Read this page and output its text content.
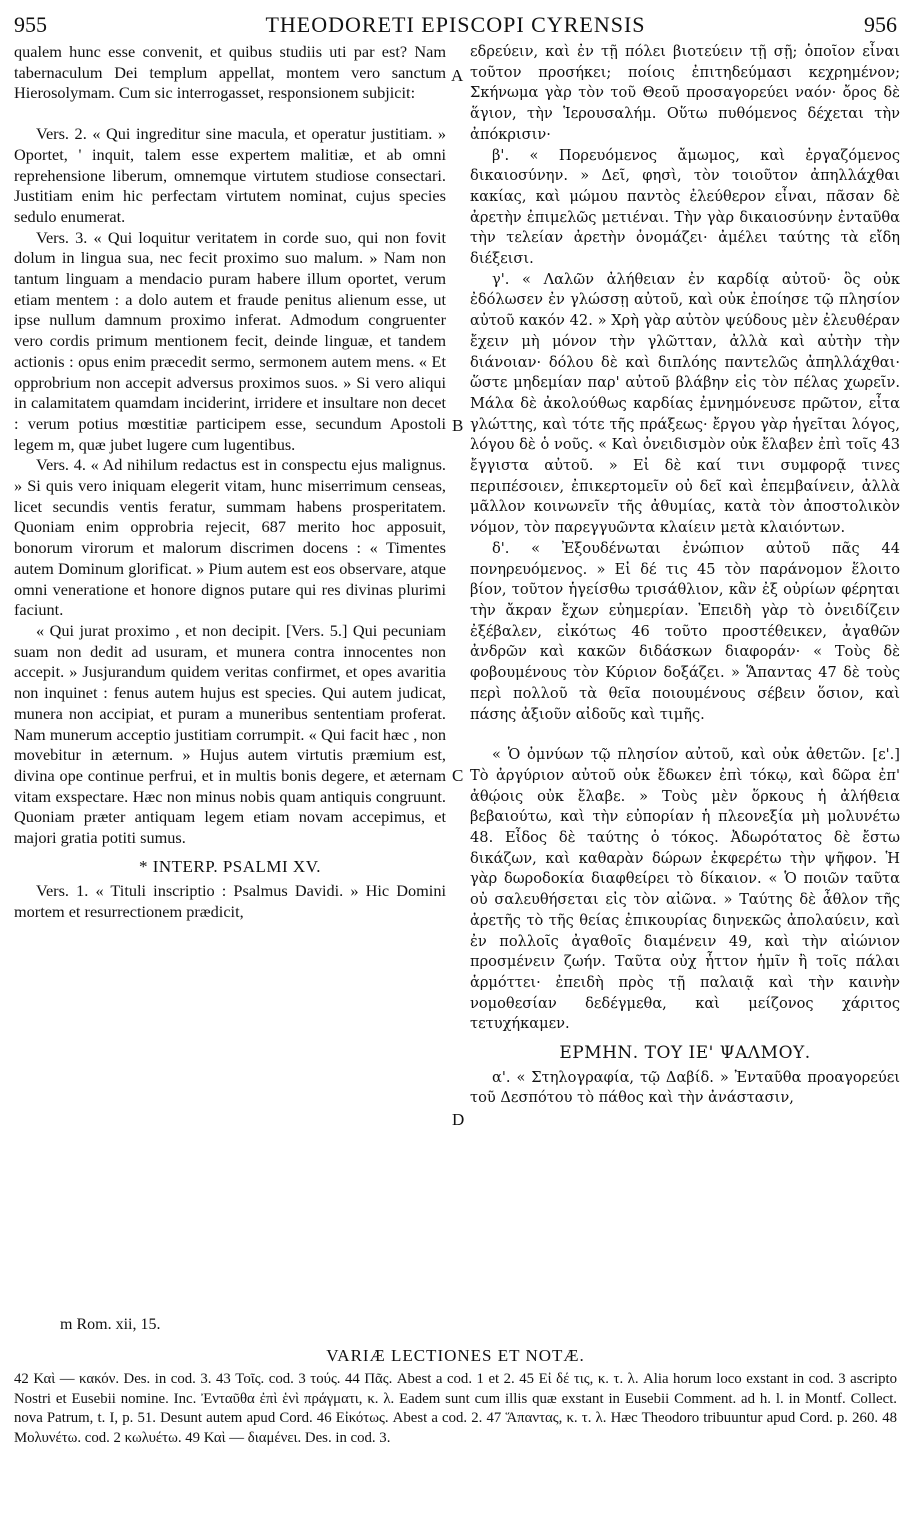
955	THEODORETI EPISCOPI CYRENSIS	956

qualem hunc esse convenit, et quibus studiis uti par est? Nam tabernaculum Dei templum appellat, montem vero sanctum Hierosolymam. Cum sic interrogasset, responsionem subjicit:

Vers. 2. « Qui ingreditur sine macula, et operatur justitiam. » Oportet, ' inquit, talem esse expertem malitiæ, et ab omni reprehensione liberum, omnemque virtutem studiose consectari. Justitiam enim hic perfectam virtutem nominat, cujus species sedulo enumerat.

Vers. 3. « Qui loquitur veritatem in corde suo, qui non fovit dolum in lingua sua, nec fecit proximo suo malum. » Nam non tantum linguam a mendacio puram habere illum oportet, verum etiam mentem : a dolo autem et fraude penitus alienum esse, ut ipse nullum damnum proximo inferat. Admodum congruenter vero cordis primum mentionem fecit, deinde linguæ, et tandem actionis : opus enim præcedit sermo, sermonem autem mens. « Et opprobrium non accepit adversus proximos suos. » Si vero aliqui in calamitatem quamdam inciderint, irridere et insultare non decet : verum potius mœstitiæ participem esse, secundum Apostoli legem m, quæ jubet lugere cum lugentibus.

Vers. 4. « Ad nihilum redactus est in conspectu ejus malignus. » Si quis vero iniquam elegerit vitam, hunc miserrimum censeas, licet secundis ventis feratur, summam habens prosperitatem. Quoniam enim opprobria rejecit, 687 merito hoc apposuit, bonorum virorum et malorum discrimen docens : « Timentes autem Dominum glorificat. » Pium autem est eos observare, atque omni veneratione et honore dignos putare qui res divinas plurimi faciunt.

« Qui jurat proximo , et non decipit. [Vers. 5.] Qui pecuniam suam non dedit ad usuram, et munera contra innocentes non accepit. » Jusjurandum quidem veritas confirmet, et opes avaritia non inquinet : fenus autem hujus est species. Qui autem judicat, munera non accipiat, et puram a muneribus sententiam proferat. Nam munerum acceptio justitiam corrumpit. « Qui facit hæc , non movebitur in æternum. » Hujus autem virtutis præmium est, divina ope continue perfrui, et in multis bonis degere, et æternam vitam exspectare. Hæc non minus nobis quam antiquis congruunt. Quoniam præter antiquam legem etiam novam accepimus, et majori gratia potiti sumus.

* INTERP. PSALMI XV.

Vers. 1. « Tituli inscriptio : Psalmus Davidi. » Hic Domini mortem et resurrectionem prædicit,

εδρεύειν, καὶ ἐν τῇ πόλει βιοτεύειν τῇ σῇ; ὁποῖον εἶναι τοῦτον προσήκει; ποίοις ἐπιτηδεύμασι κεχρημένον; Σκήνωμα γὰρ τὸν τοῦ Θεοῦ προσαγορεύει ναόν· ὄρος δὲ ἅγιον, τὴν Ἱερουσαλήμ. Οὕτω πυθόμενος δέχεται τὴν ἀπόκρισιν·

β'. « Πορευόμενος ἄμωμος, καὶ ἐργαζόμενος δικαιοσύνην. » Δεῖ, φησὶ, τὸν τοιοῦτον ἀπηλλάχθαι κακίας, καὶ μώμου παντὸς ἐλεύθερον εἶναι, πᾶσαν δὲ ἀρετὴν ἐπιμελῶς μετιέναι. Τὴν γὰρ δικαιοσύνην ἐνταῦθα τὴν τελείαν ἀρετὴν ὀνομάζει· ἀμέλει ταύτης τὰ εἴδη διέξεισι.

γ'. « Λαλῶν ἀλήθειαν ἐν καρδίᾳ αὐτοῦ· ὃς οὐκ ἐδόλωσεν ἐν γλώσσῃ αὐτοῦ, καὶ οὐκ ἐποίησε τῷ πλησίον αὐτοῦ κακόν 42. » Χρὴ γὰρ αὐτὸν ψεύδους μὲν ἐλευθέραν ἔχειν μὴ μόνον τὴν γλῶτταν, ἀλλὰ καὶ αὐτὴν τὴν διάνοιαν· δόλου δὲ καὶ διπλόης παντελῶς ἀπηλλάχθαι· ὥστε μηδεμίαν παρ' αὐτοῦ βλάβην εἰς τὸν πέλας χωρεῖν. Μάλα δὲ ἀκολούθως καρδίας ἐμνημόνευσε πρῶτον, εἶτα γλώττης, καὶ τότε τῆς πράξεως· ἔργου γὰρ ἡγεῖται λόγος, λόγου δὲ ὁ νοῦς. « Καὶ ὀνειδισμὸν οὐκ ἔλαβεν ἐπὶ τοῖς 43 ἔγγιστα αὐτοῦ. » Εἰ δὲ καί τινι συμφορᾷ τινες περιπέσοιεν, ἐπικερτομεῖν οὐ δεῖ καὶ ἐπεμβαίνειν, ἀλλὰ μᾶλλον κοινωνεῖν τῆς ἀθυμίας, κατὰ τὸν ἀποστολικὸν νόμον, τὸν παρεγγυῶντα κλαίειν μετὰ κλαιόντων.

δ'. « Ἐξουδένωται ἐνώπιον αὐτοῦ πᾶς 44 πονηρευόμενος. » Εἰ δέ τις 45 τὸν παράνομον ἕλοιτο βίον, τοῦτον ἡγείσθω τρισάθλιον, κἂν ἐξ οὐρίων φέρηται τὴν ἄκραν ἔχων εὐημερίαν. Ἐπειδὴ γὰρ τὸ ὀνειδίζειν ἐξέβαλεν, εἰκότως 46 τοῦτο προστέθεικεν, ἀγαθῶν ἀνδρῶν καὶ κακῶν διδάσκων διαφοράν· « Τοὺς δὲ φοβουμένους τὸν Κύριον δοξάζει. » Ἅπαντας 47 δὲ τοὺς περὶ πολλοῦ τὰ θεῖα ποιουμένους σέβειν ὅσιον, καὶ πάσης ἀξιοῦν αἰδοῦς καὶ τιμῆς.

« Ὁ ὀμνύων τῷ πλησίον αὐτοῦ, καὶ οὐκ ἀθετῶν. [ε'.] Τὸ ἀργύριον αὐτοῦ οὐκ ἔδωκεν ἐπὶ τόκῳ, καὶ δῶρα ἐπ' ἀθῴοις οὐκ ἔλαβε. » Τοὺς μὲν ὅρκους ἡ ἀλήθεια βεβαιούτω, καὶ τὴν εὐπορίαν ἡ πλεονεξία μὴ μολυνέτω 48. Εἶδος δὲ ταύτης ὁ τόκος. Ἀδωρότατος δὲ ἔστω δικάζων, καὶ καθαρὰν δώρων ἐκφερέτω τὴν ψῆφον. Ἡ γὰρ δωροδοκία διαφθείρει τὸ δίκαιον. « Ὁ ποιῶν ταῦτα οὐ σαλευθήσεται εἰς τὸν αἰῶνα. » Ταύτης δὲ ἆθλον τῆς ἀρετῆς τὸ τῆς θείας ἐπικουρίας διηνεκῶς ἀπολαύειν, καὶ ἐν πολλοῖς ἀγαθοῖς διαμένειν 49, καὶ τὴν αἰώνιον προσμένειν ζωήν. Ταῦτα οὐχ ἧττον ἡμῖν ἢ τοῖς πάλαι ἁρμόττει· ἐπειδὴ πρὸς τῇ παλαιᾷ καὶ τὴν καινὴν νομοθεσίαν δεδέγμεθα, καὶ μείζονος χάριτος τετυχήκαμεν.

ΕΡΜΗΝ. ΤΟΥ ΙΕ' ΨΑΛΜΟΥ.

α'. « Στηλογραφία, τῷ Δαβίδ. » Ἐνταῦθα προαγορεύει τοῦ Δεσπότου τὸ πάθος καὶ τὴν ἀνάστασιν,

A
B
C
D
m Rom. xii, 15.
VARIÆ LECTIONES ET NOTÆ.

42 Καὶ — κακόν. Des. in cod. 3. 43 Τοῖς. cod. 3 τούς. 44 Πᾶς. Abest a cod. 1 et 2. 45 Εἰ δέ τις, κ. τ. λ. Alia horum loco exstant in cod. 3 ascripto Nostri et Eusebii nomine. Inc. Ἐνταῦθα ἐπὶ ἑνὶ πράγματι, κ. λ. Eadem sunt cum illis quæ exstant in Eusebii Comment. ad h. l. in Montf. Collect. nova Patrum, t. I, p. 51. Desunt autem apud Cord. 46 Εἰκότως. Abest a cod. 2. 47 Ἅπαντας, κ. τ. λ. Hæc Theodoro tribuuntur apud Cord. p. 260. 48 Μολυνέτω. cod. 2 κωλυέτω. 49 Καὶ — διαμένει. Des. in cod. 3.
